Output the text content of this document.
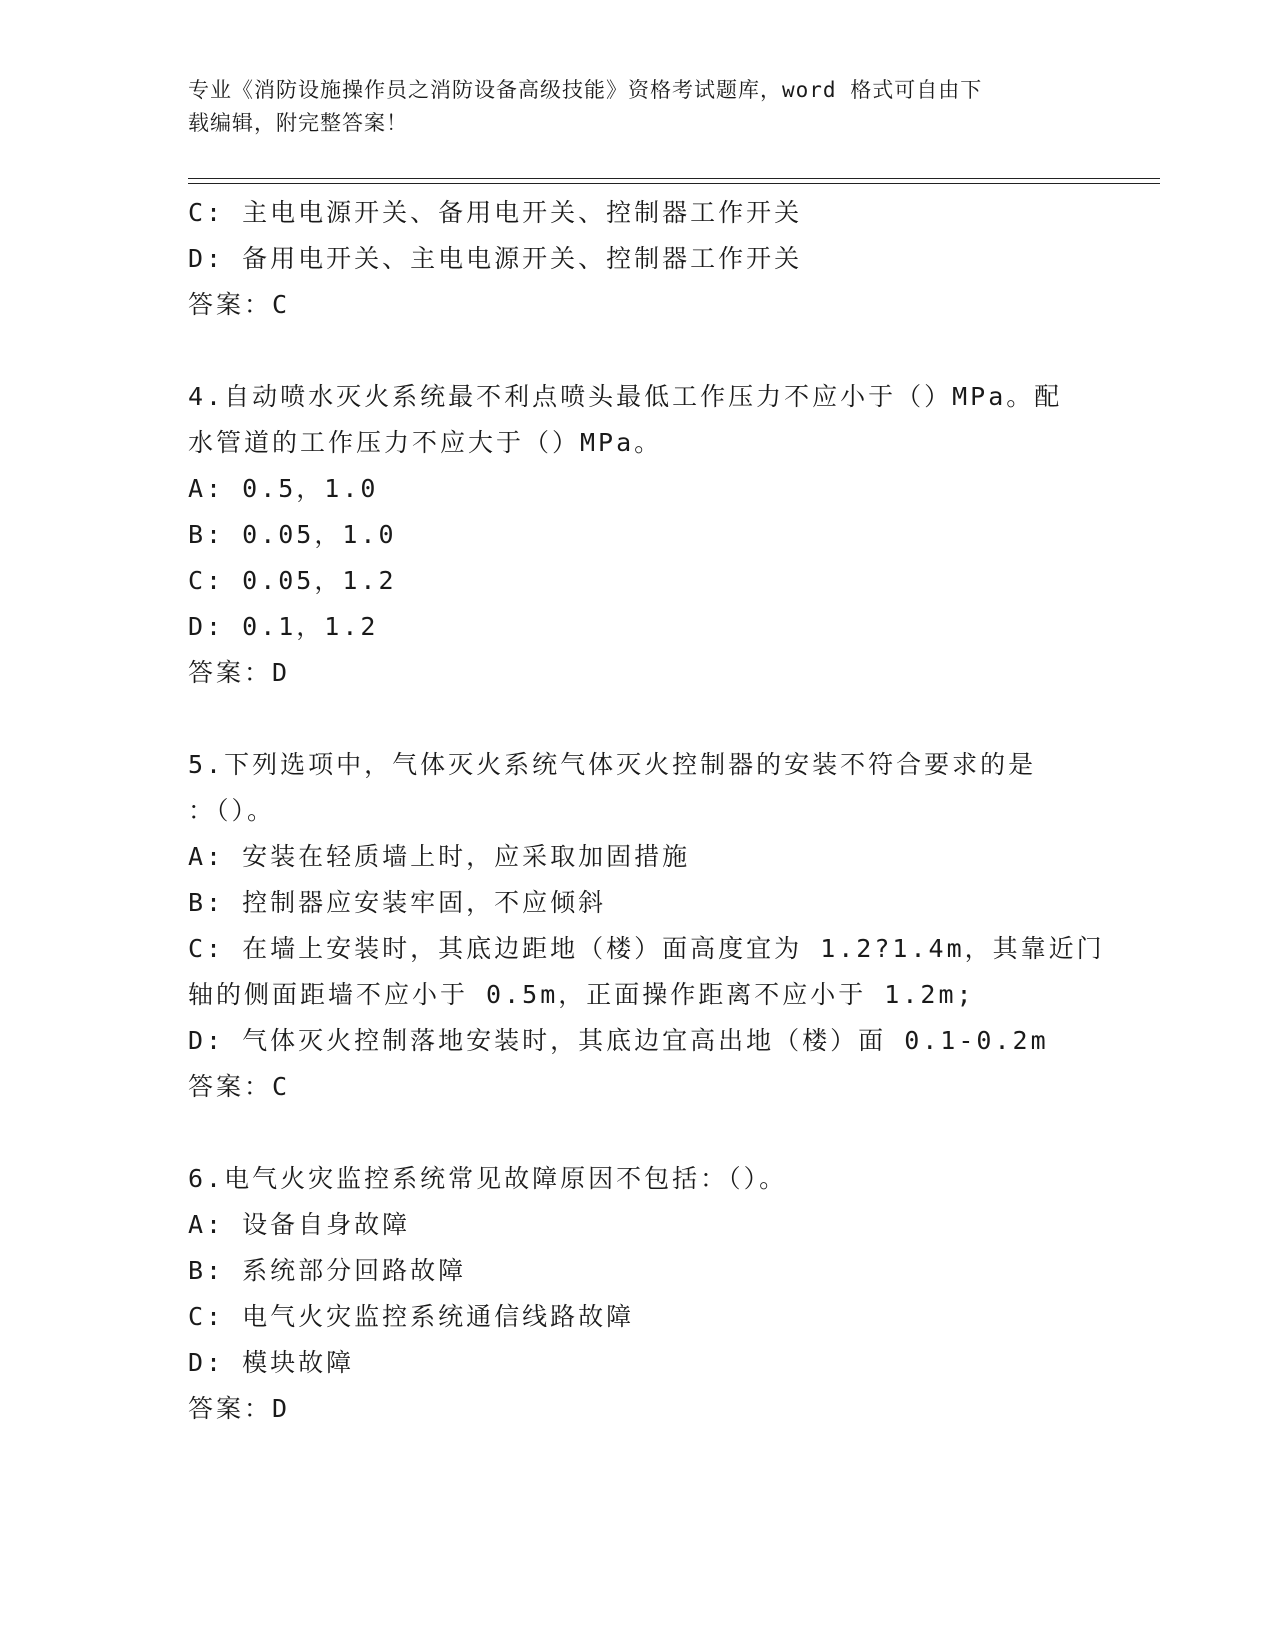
专业《消防设施操作员之消防设备高级技能》资格考试题库，word 格式可自由下
载编辑，附完整答案！
C: 主电电源开关、备用电开关、控制器工作开关
D: 备用电开关、主电电源开关、控制器工作开关
答案：C
4.自动喷水灭火系统最不利点喷头最低工作压力不应小于（）MPa。配
水管道的工作压力不应大于（）MPa。
A: 0.5，1.0
B: 0.05，1.0
C: 0.05，1.2
D: 0.1，1.2
答案：D
5.下列选项中，气体灭火系统气体灭火控制器的安装不符合要求的是
：（）。
A: 安装在轻质墙上时，应采取加固措施
B: 控制器应安装牢固，不应倾斜
C: 在墙上安装时，其底边距地（楼）面高度宜为 1.2?1.4m，其靠近门
轴的侧面距墙不应小于 0.5m，正面操作距离不应小于 1.2m;
D: 气体灭火控制落地安装时，其底边宜高出地（楼）面 0.1-0.2m
答案：C
6.电气火灾监控系统常见故障原因不包括：（）。
A: 设备自身故障
B: 系统部分回路故障
C: 电气火灾监控系统通信线路故障
D: 模块故障
答案：D
